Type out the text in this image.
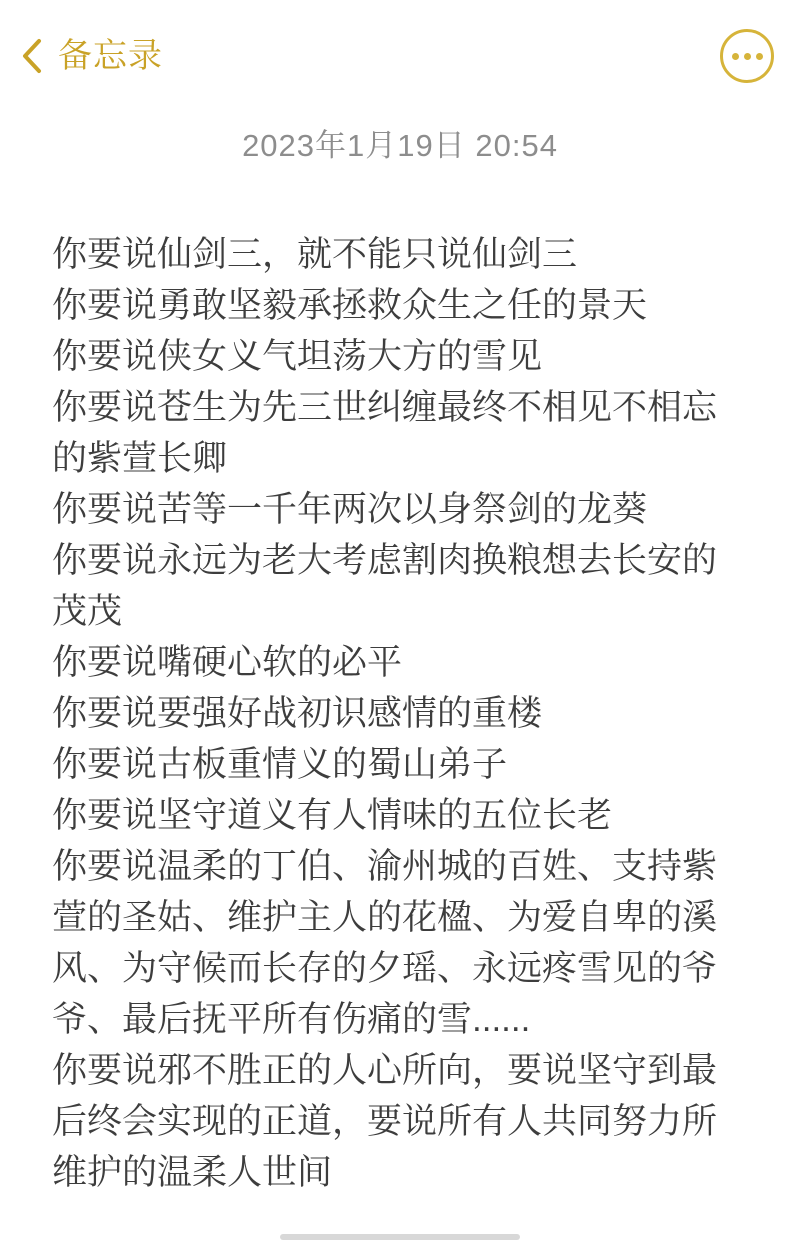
备忘录
2023年1月19日 20:54
你要说仙剑三，就不能只说仙剑三
你要说勇敢坚毅承拯救众生之任的景天
你要说侠女义气坦荡大方的雪见
你要说苍生为先三世纠缠最终不相见不相忘的紫萱长卿
你要说苦等一千年两次以身祭剑的龙葵
你要说永远为老大考虑割肉换粮想去长安的茂茂
你要说嘴硬心软的必平
你要说要强好战初识感情的重楼
你要说古板重情义的蜀山弟子
你要说坚守道义有人情味的五位长老
你要说温柔的丁伯、渝州城的百姓、支持紫萱的圣姑、维护主人的花楹、为爱自卑的溪风、为守候而长存的夕瑶、永远疼雪见的爷爷、最后抚平所有伤痛的雪......
你要说邪不胜正的人心所向，要说坚守到最后终会实现的正道，要说所有人共同努力所维护的温柔人世间
